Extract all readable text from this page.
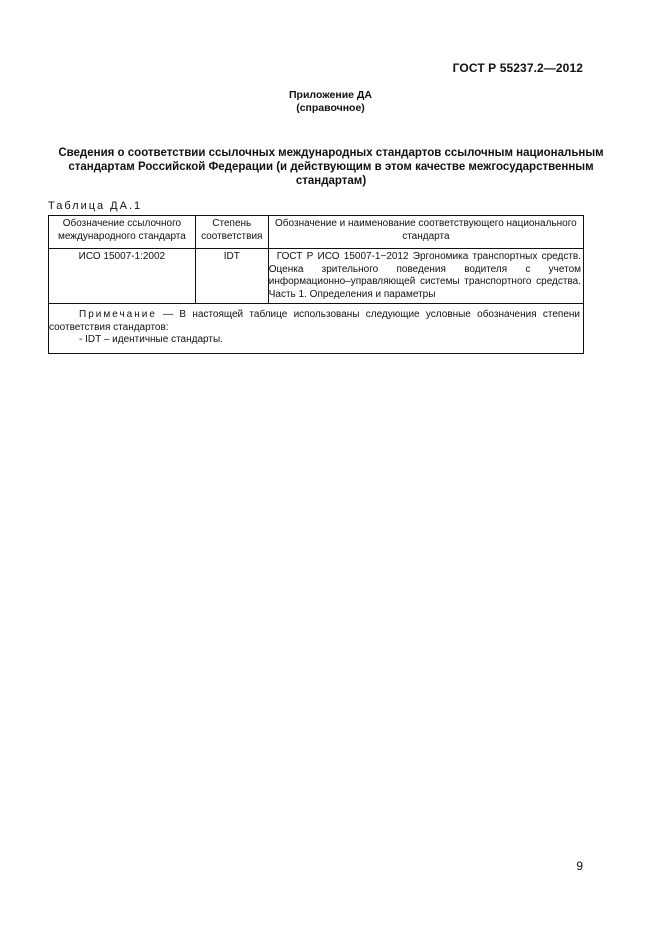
ГОСТ Р 55237.2—2012
Приложение ДА
(справочное)
Сведения о соответствии ссылочных международных стандартов ссылочным национальным стандартам Российской Федерации (и действующим в этом качестве межгосударственным стандартам)
Таблица ДА.1
Обозначение ссылочного международного стандарта	Степень соответствия	Обозначение и наименование соответствующего национального стандарта
ИСО 15007-1:2002	IDT	ГОСТ Р ИСО 15007-1−2012 Эргономика транспортных средств. Оценка зрительного поведения водителя с учетом информационно–управляющей системы транспортного средства. Часть 1. Определения и параметры
Примечание — В настоящей таблице использованы следующие условные обозначения степени соответствия стандартов:
- IDT – идентичные стандарты.		
9
